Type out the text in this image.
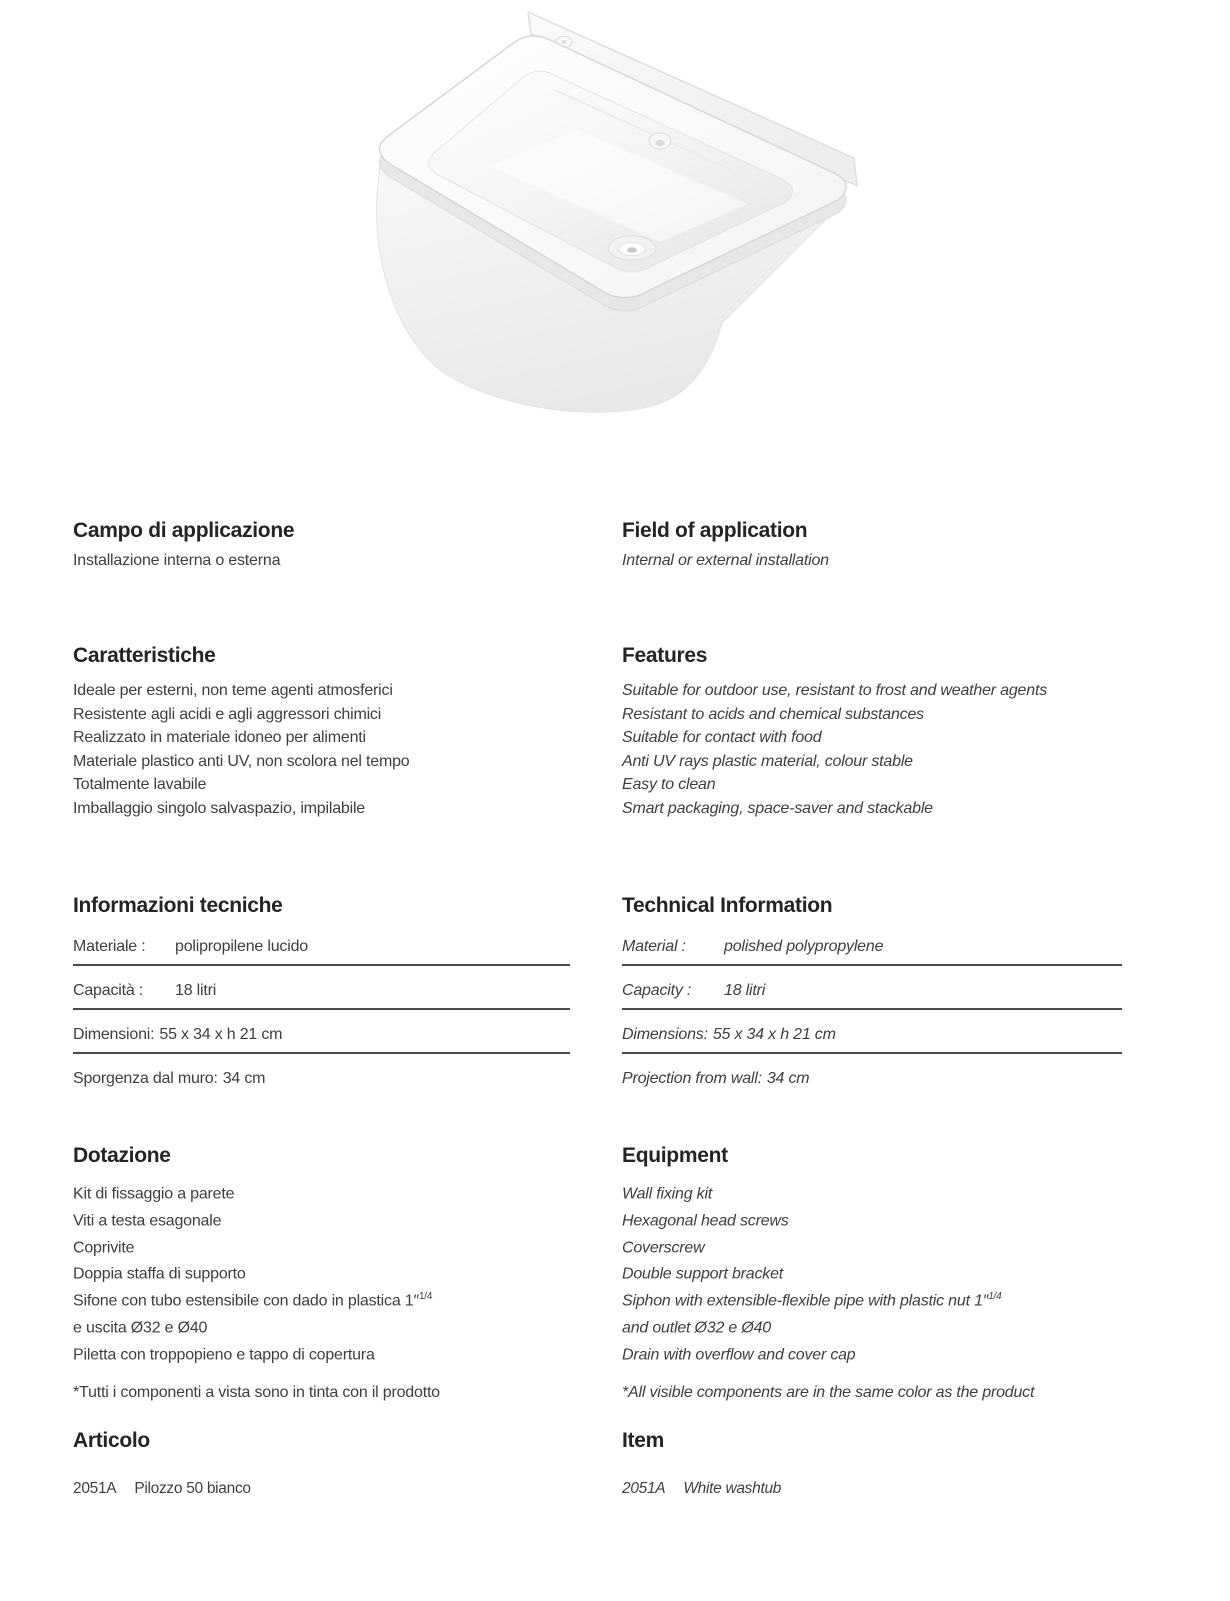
Campo di applicazione
Installazione interna o esterna
Field of application
Internal or external installation
Caratteristiche
Ideale per esterni, non teme agenti atmosferici
Resistente agli acidi e agli aggressori chimici
Realizzato in materiale idoneo per alimenti
Materiale plastico anti UV, non scolora nel tempo
Totalmente lavabile
Imballaggio singolo salvaspazio, impilabile
Features
Suitable for outdoor use, resistant to frost and weather agents
Resistant to acids and chemical substances
Suitable for contact with food
Anti UV rays plastic material, colour stable
Easy to clean
Smart packaging, space-saver and stackable
Informazioni tecniche
Materiale : polipropilene lucido
Capacità : 18 litri
Dimensioni: 55 x 34 x h 21 cm
Sporgenza dal muro: 34 cm
Technical Information
Material : polished polypropylene
Capacity : 18 litri
Dimensions: 55 x 34 x h 21 cm
Projection from wall: 34 cm
Dotazione
Kit di fissaggio a parete
Viti a testa esagonale
Coprivite
Doppia staffa di supporto
Sifone con tubo estensibile con dado in plastica 1″$^{1/4}$
e uscita Ø32 e Ø40
Piletta con troppopieno e tappo di copertura
*Tutti i componenti a vista sono in tinta con il prodotto
Equipment
Wall fixing kit
Hexagonal head screws
Coverscrew
Double support bracket
Siphon with extensible-flexible pipe with plastic nut 1″$^{1/4}$
and outlet Ø32 e Ø40
Drain with overflow and cover cap
*All visible components are in the same color as the product
Articolo
2051A Pilozzo 50 bianco
Item
2051A White washtub
